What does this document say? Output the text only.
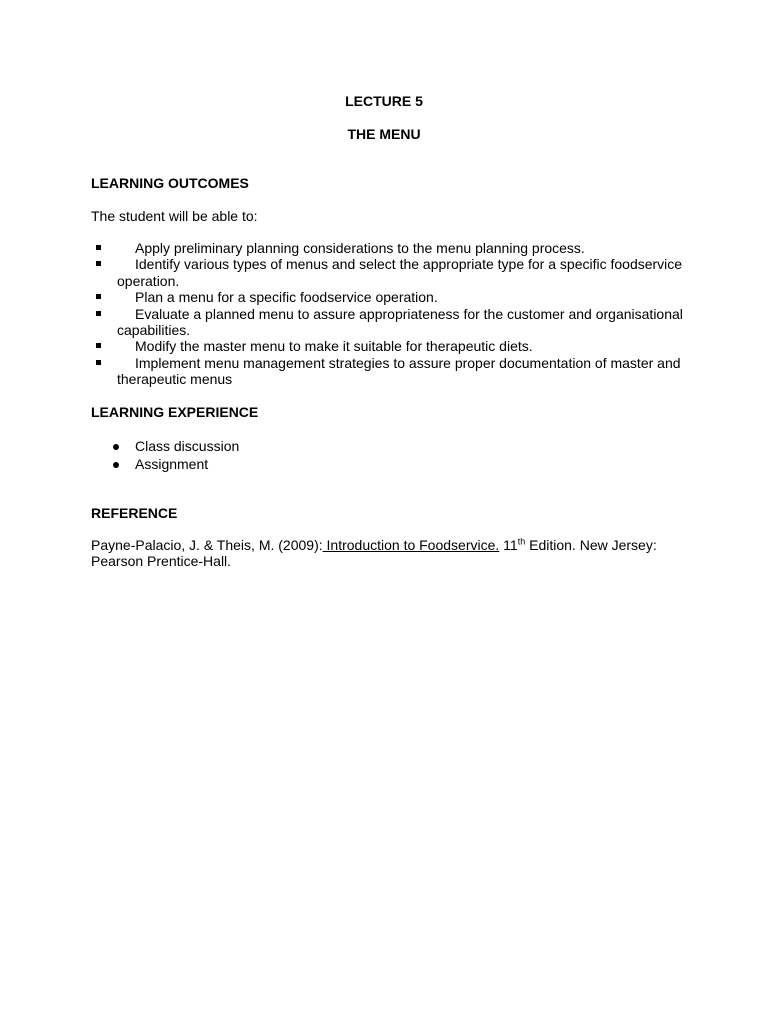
LECTURE 5
THE MENU
LEARNING OUTCOMES
The student will be able to:
Apply preliminary planning considerations to the menu planning process.
Identify various types of menus and select the appropriate type for a specific foodservice operation.
Plan a menu for a specific foodservice operation.
Evaluate a planned menu to assure appropriateness for the customer and organisational capabilities.
Modify the master menu to make it suitable for therapeutic diets.
Implement menu management strategies to assure proper documentation of master and therapeutic menus
LEARNING EXPERIENCE
Class discussion
Assignment
REFERENCE
Payne-Palacio, J. & Theis, M. (2009): Introduction to Foodservice. 11th Edition. New Jersey: Pearson Prentice-Hall.
